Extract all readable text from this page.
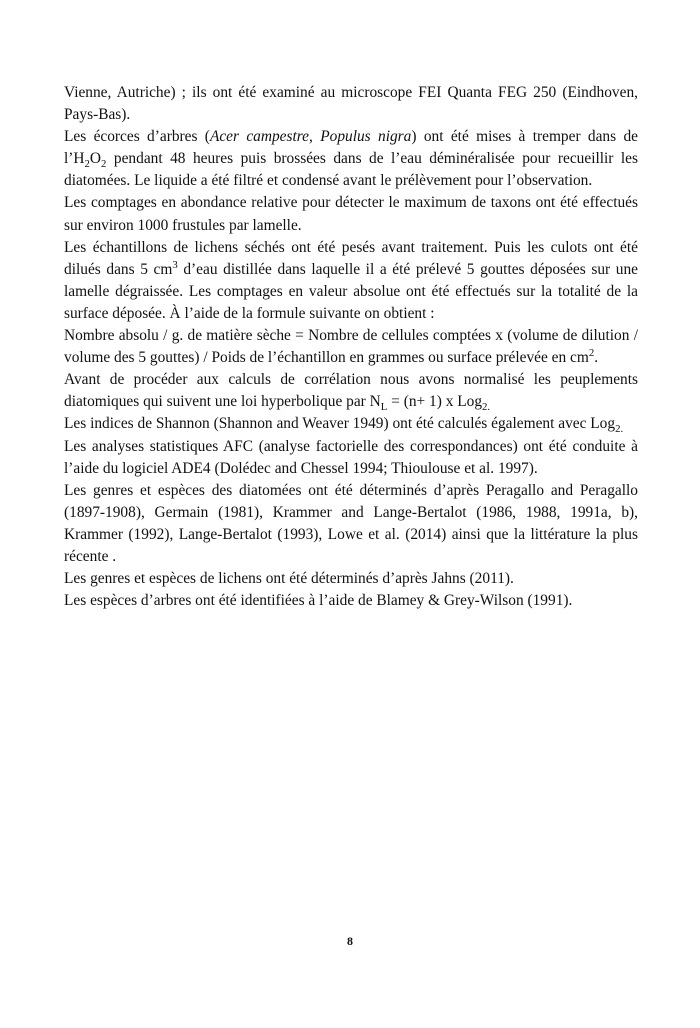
Vienne, Autriche) ; ils ont été examiné au microscope FEI Quanta FEG 250 (Eindhoven, Pays-Bas).

Les écorces d’arbres (Acer campestre, Populus nigra) ont été mises à tremper dans de $l’H_2O_2$ pendant 48 heures puis brossées dans de l’eau déminéralisée pour recueillir les diatomées. Le liquide a été filtré et condensé avant le prélèvement pour l’observation.

Les comptages en abondance relative pour détecter le maximum de taxons ont été effectués sur environ 1000 frustules par lamelle.

Les échantillons de lichens séchés ont été pesés avant traitement. Puis les culots ont été dilués dans 5 $cm^3$ d’eau distillée dans laquelle il a été prélevé 5 gouttes déposées sur une lamelle dégraissée. Les comptages en valeur absolue ont été effectués sur la totalité de la surface déposée. À l’aide de la formule suivante on obtient :

Nombre absolu / g. de matière sèche = Nombre de cellules comptées x (volume de dilution / volume des 5 gouttes) / Poids de l’échantillon en grammes ou surface prélevée en $cm^2$.

Avant de procéder aux calculs de corrélation nous avons normalisé les peuplements diatomiques qui suivent une loi hyperbolique par $N_L = (n+ 1)$ x Log$_{2.}$

Les indices de Shannon (Shannon and Weaver 1949) ont été calculés également avec Log$_{2.}$

Les analyses statistiques AFC (analyse factorielle des correspondances) ont été conduite à l’aide du logiciel ADE4 (Dolédec and Chessel 1994; Thioulouse et al. 1997).

Les genres et espèces des diatomées ont été déterminés d’après Peragallo and Peragallo (1897-1908), Germain (1981), Krammer and Lange-Bertalot (1986, 1988, 1991a, b), Krammer (1992), Lange-Bertalot (1993), Lowe et al. (2014) ainsi que la littérature la plus récente .

Les genres et espèces de lichens ont été déterminés d’après Jahns (2011).

Les espèces d’arbres ont été identifiées à l’aide de Blamey & Grey-Wilson (1991).

8
